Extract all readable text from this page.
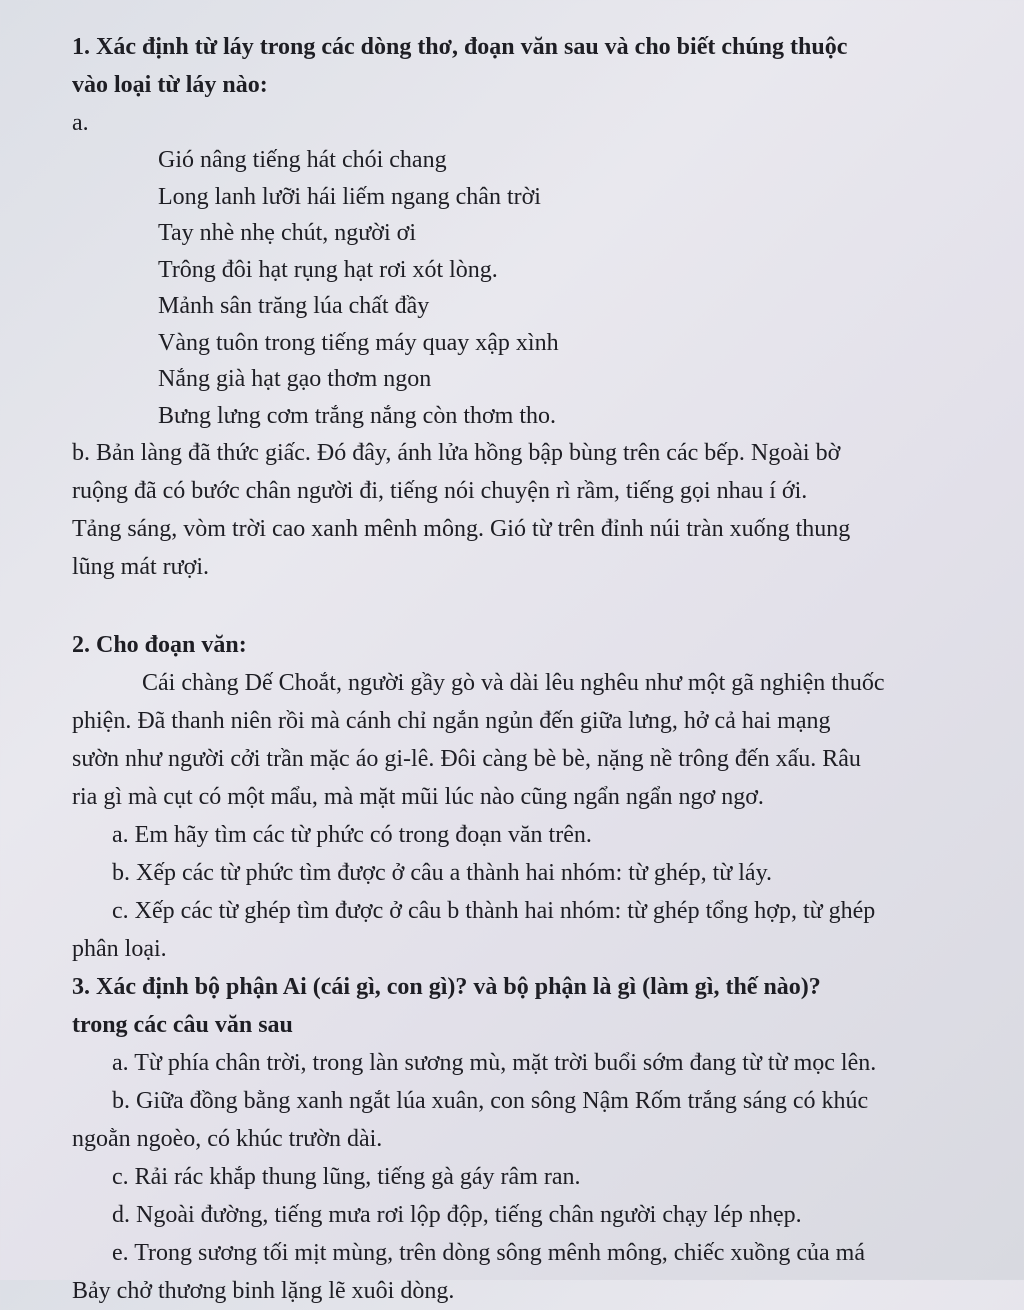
1. Xác định từ láy trong các dòng thơ, đoạn văn sau và cho biết chúng thuộc
vào loại từ láy nào:
a.
Gió nâng tiếng hát chói chang
Long lanh lưỡi hái liếm ngang chân trời
Tay nhè nhẹ chút, người ơi
Trông đôi hạt rụng hạt rơi xót lòng.
Mảnh sân trăng lúa chất đầy
Vàng tuôn trong tiếng máy quay xập xình
Nắng già hạt gạo thơm ngon
Bưng lưng cơm trắng nắng còn thơm tho.
b. Bản làng đã thức giấc. Đó đây, ánh lửa hồng bập bùng trên các bếp. Ngoài bờ
ruộng đã có bước chân người đi, tiếng nói chuyện rì rầm, tiếng gọi nhau í ới.
Tảng sáng, vòm trời cao xanh mênh mông. Gió từ trên đỉnh núi tràn xuống thung
lũng mát rượi.
2. Cho đoạn văn:
Cái chàng Dế Choắt, người gầy gò và dài lêu nghêu như một gã nghiện thuốc
phiện. Đã thanh niên rồi mà cánh chỉ ngắn ngủn đến giữa lưng, hở cả hai mạng
sườn như người cởi trần mặc áo gi-lê. Đôi càng bè bè, nặng nề trông đến xấu. Râu
ria gì mà cụt có một mẩu, mà mặt mũi lúc nào cũng ngẩn ngẩn ngơ ngơ.
a. Em hãy tìm các từ phức có trong đoạn văn trên.
b. Xếp các từ phức tìm được ở câu a thành hai nhóm: từ ghép, từ láy.
c. Xếp các từ ghép tìm được ở câu b thành hai nhóm: từ ghép tổng hợp, từ ghép
phân loại.
3. Xác định bộ phận Ai (cái gì, con gì)? và bộ phận là gì (làm gì, thế nào)?
trong các câu văn sau
a. Từ phía chân trời, trong làn sương mù, mặt trời buổi sớm đang từ từ mọc lên.
b. Giữa đồng bằng xanh ngắt lúa xuân, con sông Nậm Rốm trắng sáng có khúc
ngoằn ngoèo, có khúc trườn dài.
c. Rải rác khắp thung lũng, tiếng gà gáy râm ran.
d. Ngoài đường, tiếng mưa rơi lộp độp, tiếng chân người chạy lép nhẹp.
e. Trong sương tối mịt mùng, trên dòng sông mênh mông, chiếc xuồng của má
Bảy chở thương binh lặng lẽ xuôi dòng.
